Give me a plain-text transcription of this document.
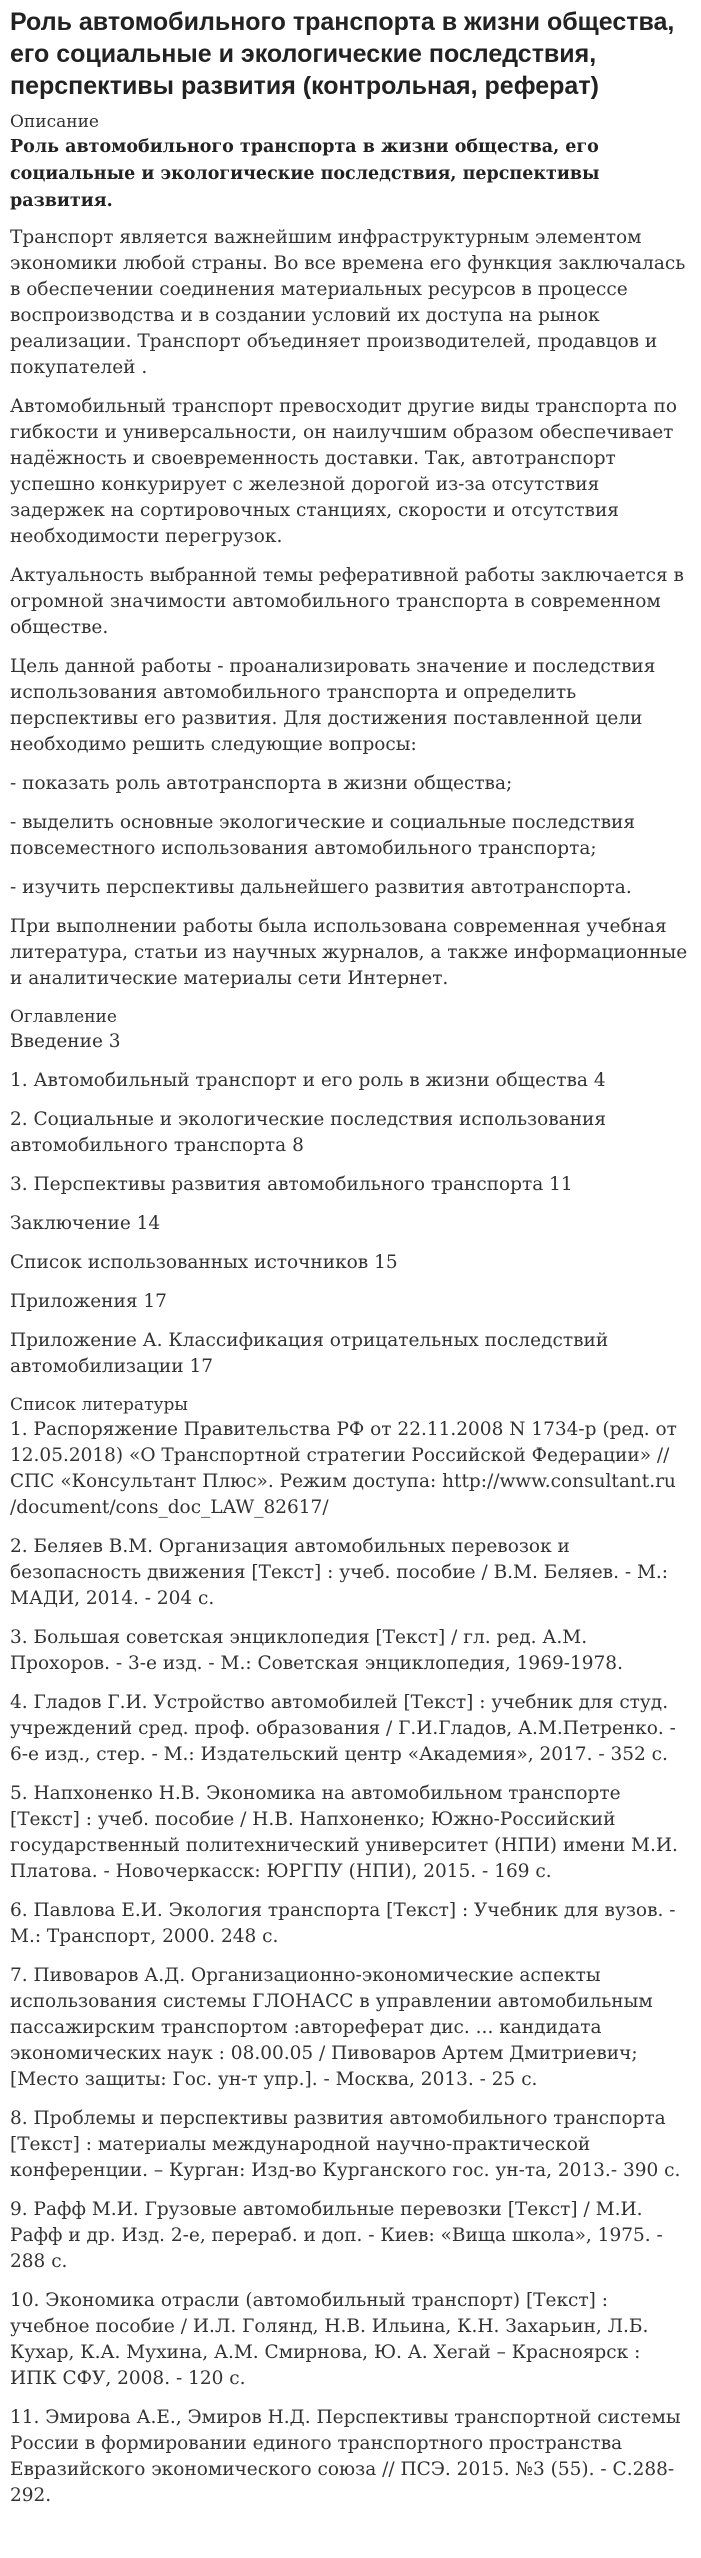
Роль автомобильного транспорта в жизни общества, его социальные и экологические последствия, перспективы развития (контрольная, реферат)
Описание
Роль автомобильного транспорта в жизни общества, его социальные и экологические последствия, перспективы развития.

Транспорт является важнейшим инфраструктурным элементом экономики любой страны. Во все времена его функция заключалась в обеспечении соединения материальных ресурсов в процессе воспроизводства и в создании условий их доступа на рынок реализации. Транспорт объединяет производителей, продавцов и покупателей .

Автомобильный транспорт превосходит другие виды транспорта по гибкости и универсальности, он наилучшим образом обеспечивает надёжность и своевременность доставки. Так, автотранспорт успешно конкурирует с железной дорогой из-за отсутствия задержек на сортировочных станциях, скорости и отсутствия необходимости перегрузок.

Актуальность выбранной темы реферативной работы заключается в огромной значимости автомобильного транспорта в современном обществе.

Цель данной работы - проанализировать значение и последствия использования автомобильного транспорта и определить перспективы его развития. Для достижения поставленной цели необходимо решить следующие вопросы:

- показать роль автотранспорта в жизни общества;

- выделить основные экологические и социальные последствия повсеместного использования автомобильного транспорта;

- изучить перспективы дальнейшего развития автотранспорта.

При выполнении работы была использована современная учебная литература, статьи из научных журналов, а также информационные и аналитические материалы сети Интернет.

Оглавление
Введение 3
1. Автомобильный транспорт и его роль в жизни общества 4
2. Социальные и экологические последствия использования автомобильного транспорта 8
3. Перспективы развития автомобильного транспорта 11
Заключение 14
Список использованных источников 15
Приложения 17
Приложение А. Классификация отрицательных последствий автомобилизации 17
Список литературы
1. Распоряжение Правительства РФ от 22.11.2008 N 1734-р (ред. от 12.05.2018) «О Транспортной стратегии Российской Федерации» // СПС «Консультант Плюс». Режим доступа: http://www.consultant.ru /document/cons_doc_LAW_82617/
2. Беляев В.М. Организация автомобильных перевозок и безопасность движения [Текст] : учеб. пособие / В.М. Беляев. - М.: МАДИ, 2014. - 204 с.
3. Большая советская энциклопедия [Текст] / гл. ред. А.М. Прохоров. - 3-е изд. - М.: Советская энциклопедия, 1969-1978.
4. Гладов Г.И. Устройство автомобилей [Текст] : учебник для студ. учреждений сред. проф. образования / Г.И.Гладов, А.М.Петренко. - 6-е изд., стер. - М.: Издательский центр «Академия», 2017. - 352 с.
5. Напхоненко Н.В. Экономика на автомобильном транспорте [Текст] : учеб. пособие / Н.В. Напхоненко; Южно-Российский государственный политехнический университет (НПИ) имени М.И. Платова. - Новочеркасск: ЮРГПУ (НПИ), 2015. - 169 с.
6. Павлова Е.И. Экология транспорта [Текст] : Учебник для вузов. - М.: Транспорт, 2000. 248 с.
7. Пивоваров А.Д. Организационно-экономические аспекты использования системы ГЛОНАСС в управлении автомобильным пассажирским транспортом :автореферат дис. ... кандидата экономических наук : 08.00.05 / Пивоваров Артем Дмитриевич; [Место защиты: Гос. ун-т упр.]. - Москва, 2013. - 25 с.
8. Проблемы и перспективы развития автомобильного транспорта [Текст] : материалы международной научно-практической конференции. – Курган: Изд-во Курганского гос. ун-та, 2013.- 390 с.
9. Рафф М.И. Грузовые автомобильные перевозки [Текст] / М.И. Рафф и др. Изд. 2-е, перераб. и доп. - Киев: «Вища школа», 1975. - 288 с.
10. Экономика отрасли (автомобильный транспорт) [Текст] : учебное пособие / И.Л. Голянд, Н.В. Ильина, К.Н. Захарьин, Л.Б. Кухар, К.А. Мухина, А.М. Смирнова, Ю. А. Хегай – Красноярск : ИПК СФУ, 2008. - 120 с.
11. Эмирова А.Е., Эмиров Н.Д. Перспективы транспортной системы России в формировании единого транспортного пространства Евразийского экономического союза // ПСЭ. 2015. №3 (55). - С.288-292.
